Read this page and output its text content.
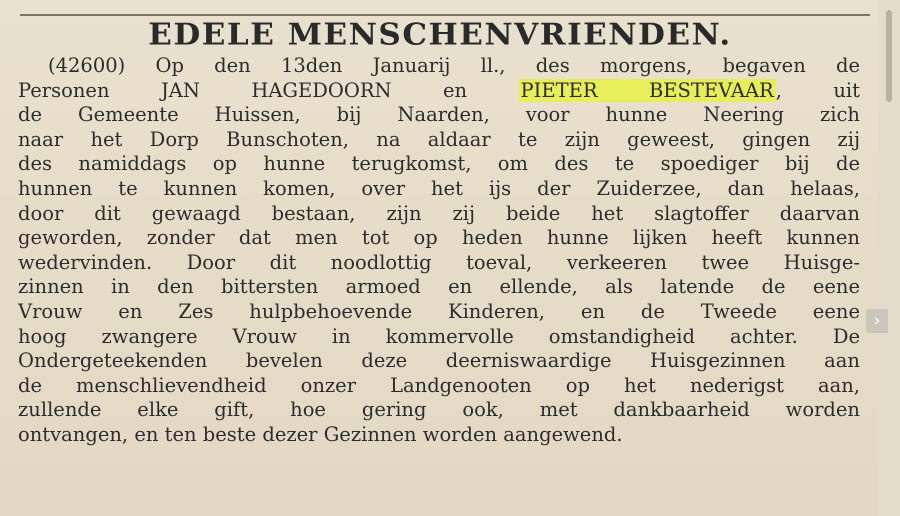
EDELE MENSCHENVRIENDEN.
(42600) Op den 13den Januarij ll., des morgens, begaven de
Personen JAN HAGEDOORN en PIETER BESTEVAAR , uit
de Gemeente Huissen, bij Naarden, voor hunne Neering zich
naar het Dorp Bunschoten, na aldaar te zijn geweest, gingen zij
des namiddags op hunne terugkomst, om des te spoediger bij de
hunnen te kunnen komen, over het ijs der Zuiderzee, dan helaas,
door dit gewaagd bestaan, zijn zij beide het slagtoffer daarvan
geworden, zonder dat men tot op heden hunne lijken heeft kunnen
wedervinden. Door dit noodlottig toeval, verkeeren twee Huisge-
zinnen in den bittersten armoed en ellende, als latende de eene
Vrouw en Zes hulpbehoevende Kinderen, en de Tweede eene
hoog zwangere Vrouw in kommervolle omstandigheid achter. De
Ondergeteekenden bevelen deze deerniswaardige Huisgezinnen aan
de menschlievendheid onzer Landgenooten op het nederigst aan,
zullende elke gift, hoe gering ook, met dankbaarheid worden
ontvangen, en ten beste dezer Gezinnen worden aangewend.
›
